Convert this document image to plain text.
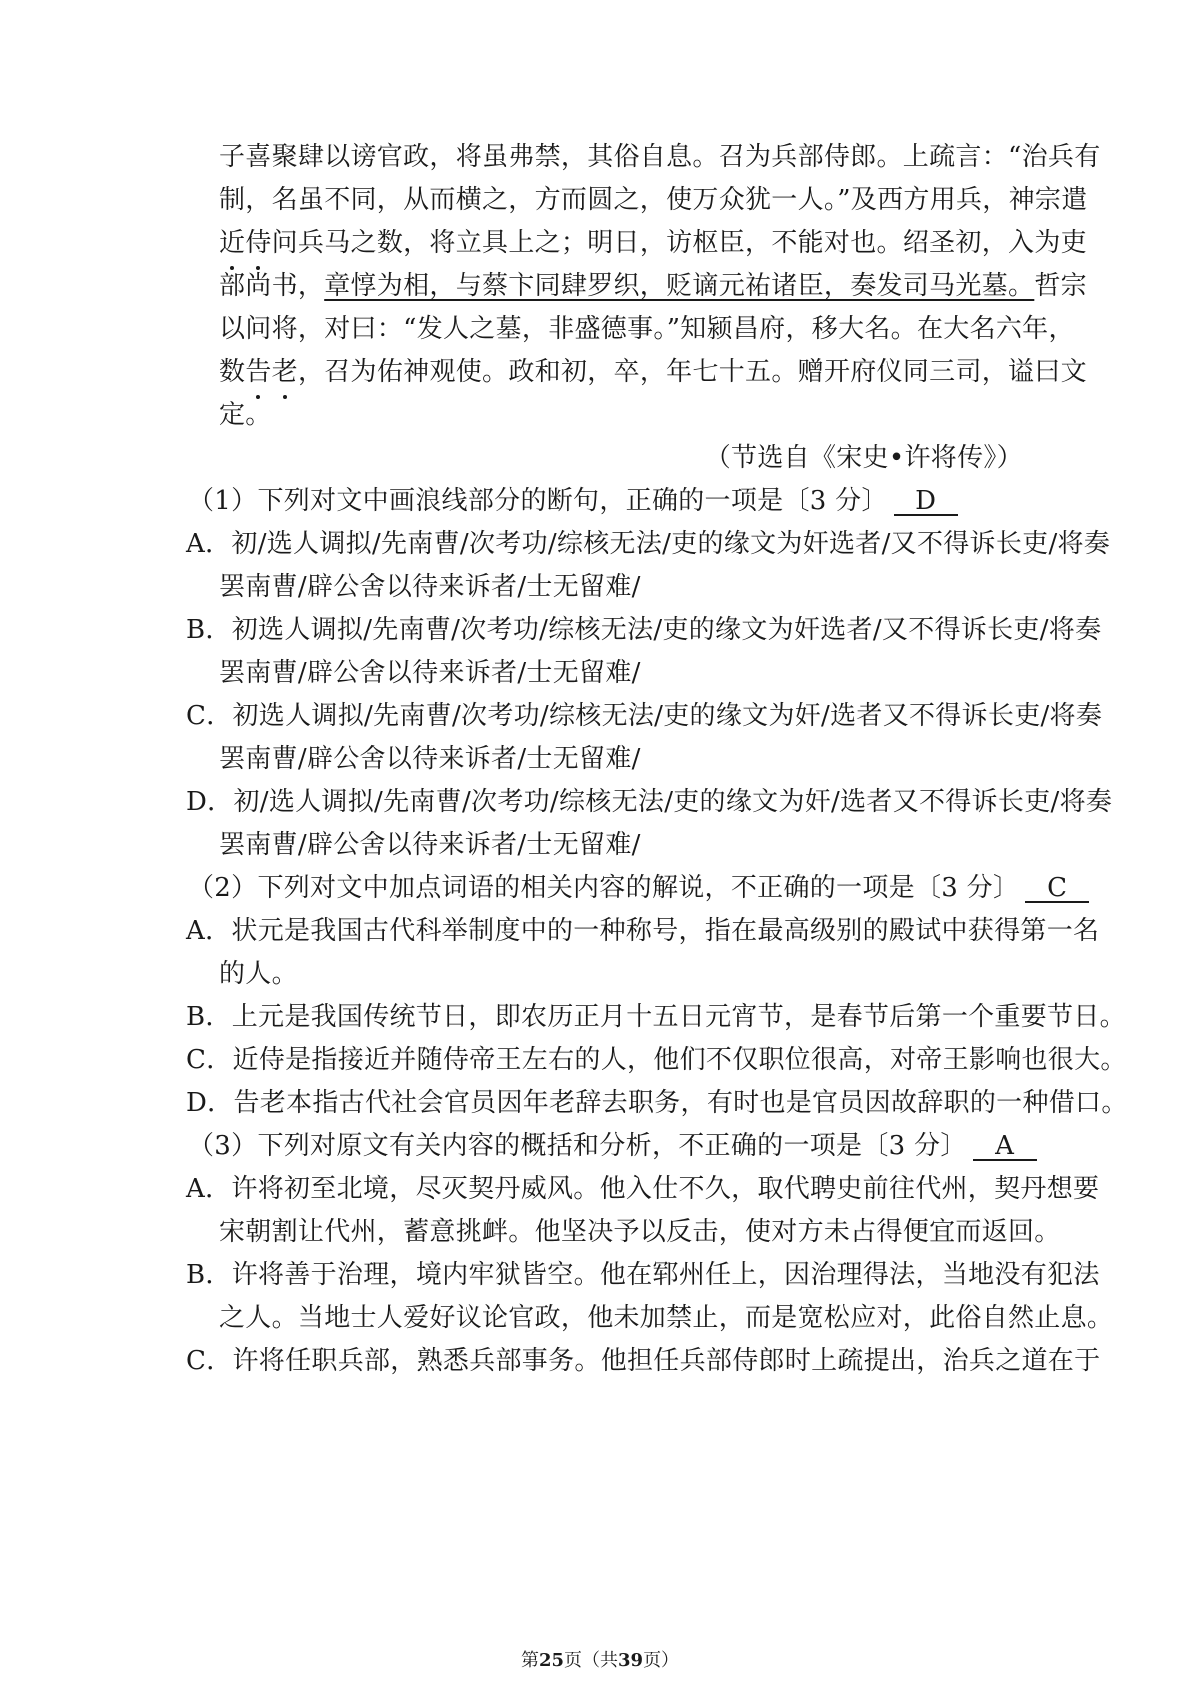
子喜聚肆以谤官政，将虽弗禁，其俗自息。召为兵部侍郎。上疏言：“治兵有
制，名虽不同，从而横之，方而圆之，使万众犹一人。”及西方用兵，神宗遣
近侍问兵马之数，将立具上之；明日，访枢臣，不能对也。绍圣初，入为吏
部尚书，章惇为相，与蔡卞同肆罗织，贬谪元祐诸臣，奏发司马光墓。哲宗
以问将，对曰：“发人之墓，非盛德事。”知颍昌府，移大名。在大名六年，
数告老，召为佑神观使。政和初，卒，年七十五。赠开府仪同三司，谥曰文
定。
（节选自《宋史•许将传》）
（1）下列对文中画浪线部分的断句，正确的一项是〔3 分〕 D
A．初/选人调拟/先南曹/次考功/综核无法/吏的缘文为奸选者/又不得诉长吏/将奏
罢南曹/辟公舍以待来诉者/士无留难/
B．初选人调拟/先南曹/次考功/综核无法/吏的缘文为奸选者/又不得诉长吏/将奏
罢南曹/辟公舍以待来诉者/士无留难/
C．初选人调拟/先南曹/次考功/综核无法/吏的缘文为奸/选者又不得诉长吏/将奏
罢南曹/辟公舍以待来诉者/士无留难/
D．初/选人调拟/先南曹/次考功/综核无法/吏的缘文为奸/选者又不得诉长吏/将奏
罢南曹/辟公舍以待来诉者/士无留难/
（2）下列对文中加点词语的相关内容的解说，不正确的一项是〔3 分〕 C
A．状元是我国古代科举制度中的一种称号，指在最高级别的殿试中获得第一名
的人。
B．上元是我国传统节日，即农历正月十五日元宵节，是春节后第一个重要节日。
C．近侍是指接近并随侍帝王左右的人，他们不仅职位很高，对帝王影响也很大。
D．告老本指古代社会官员因年老辞去职务，有时也是官员因故辞职的一种借口。
（3）下列对原文有关内容的概括和分析，不正确的一项是〔3 分〕 A
A．许将初至北境，尽灭契丹威风。他入仕不久，取代聘史前往代州，契丹想要
宋朝割让代州，蓄意挑衅。他坚决予以反击，使对方未占得便宜而返回。
B．许将善于治理，境内牢狱皆空。他在郓州任上，因治理得法，当地没有犯法
之人。当地士人爱好议论官政，他未加禁止，而是宽松应对，此俗自然止息。
C．许将任职兵部，熟悉兵部事务。他担任兵部侍郎时上疏提出，治兵之道在于
第25页（共39页）
